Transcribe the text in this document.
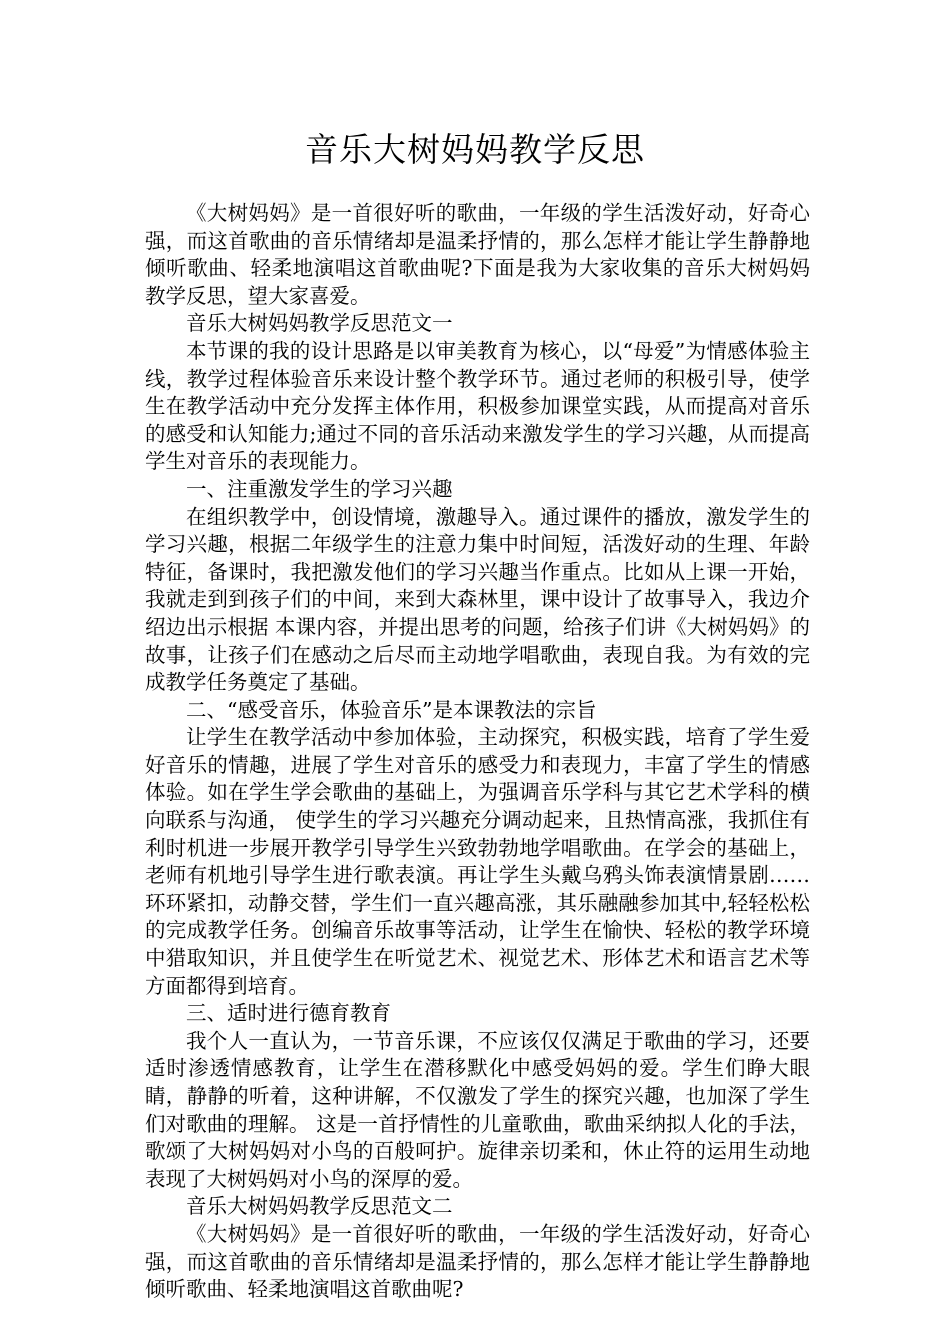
音乐大树妈妈教学反思

《大树妈妈》是一首很好听的歌曲，一年级的学生活泼好动，好奇心强，而这首歌曲的音乐情绪却是温柔抒情的，那么怎样才能让学生静静地倾听歌曲、轻柔地演唱这首歌曲呢?下面是我为大家收集的音乐大树妈妈教学反思，望大家喜爱。

音乐大树妈妈教学反思范文一

本节课的我的设计思路是以审美教育为核心，以“母爱”为情感体验主线，教学过程体验音乐来设计整个教学环节。通过老师的积极引导，使学生在教学活动中充分发挥主体作用，积极参加课堂实践，从而提高对音乐的感受和认知能力;通过不同的音乐活动来激发学生的学习兴趣，从而提高学生对音乐的表现能力。

一、注重激发学生的学习兴趣

在组织教学中，创设情境，激趣导入。通过课件的播放，激发学生的学习兴趣，根据二年级学生的注意力集中时间短，活泼好动的生理、年龄特征，备课时，我把激发他们的学习兴趣当作重点。比如从上课一开始，我就走到到孩子们的中间，来到大森林里，课中设计了故事导入，我边介绍边出示根据 本课内容，并提出思考的问题，给孩子们讲《大树妈妈》的故事，让孩子们在感动之后尽而主动地学唱歌曲，表现自我。为有效的完成教学任务奠定了基础。

二、“感受音乐，体验音乐”是本课教法的宗旨

让学生在教学活动中参加体验，主动探究，积极实践，培育了学生爱好音乐的情趣，进展了学生对音乐的感受力和表现力，丰富了学生的情感体验。如在学生学会歌曲的基础上，为强调音乐学科与其它艺术学科的横向联系与沟通， 使学生的学习兴趣充分调动起来，且热情高涨，我抓住有利时机进一步展开教学引导学生兴致勃勃地学唱歌曲。在学会的基础上，老师有机地引导学生进行歌表演。再让学生头戴乌鸦头饰表演情景剧……环环紧扣，动静交替，学生们一直兴趣高涨，其乐融融参加其中,轻轻松松的完成教学任务。创编音乐故事等活动，让学生在愉快、轻松的教学环境中猎取知识，并且使学生在听觉艺术、视觉艺术、形体艺术和语言艺术等方面都得到培育。

三、适时进行德育教育

我个人一直认为，一节音乐课，不应该仅仅满足于歌曲的学习，还要适时渗透情感教育，让学生在潜移默化中感受妈妈的爱。学生们睁大眼睛，静静的听着，这种讲解，不仅激发了学生的探究兴趣，也加深了学生们对歌曲的理解。 这是一首抒情性的儿童歌曲，歌曲采纳拟人化的手法，歌颂了大树妈妈对小鸟的百般呵护。旋律亲切柔和，休止符的运用生动地表现了大树妈妈对小鸟的深厚的爱。

音乐大树妈妈教学反思范文二

《大树妈妈》是一首很好听的歌曲，一年级的学生活泼好动，好奇心强，而这首歌曲的音乐情绪却是温柔抒情的，那么怎样才能让学生静静地倾听歌曲、轻柔地演唱这首歌曲呢?
